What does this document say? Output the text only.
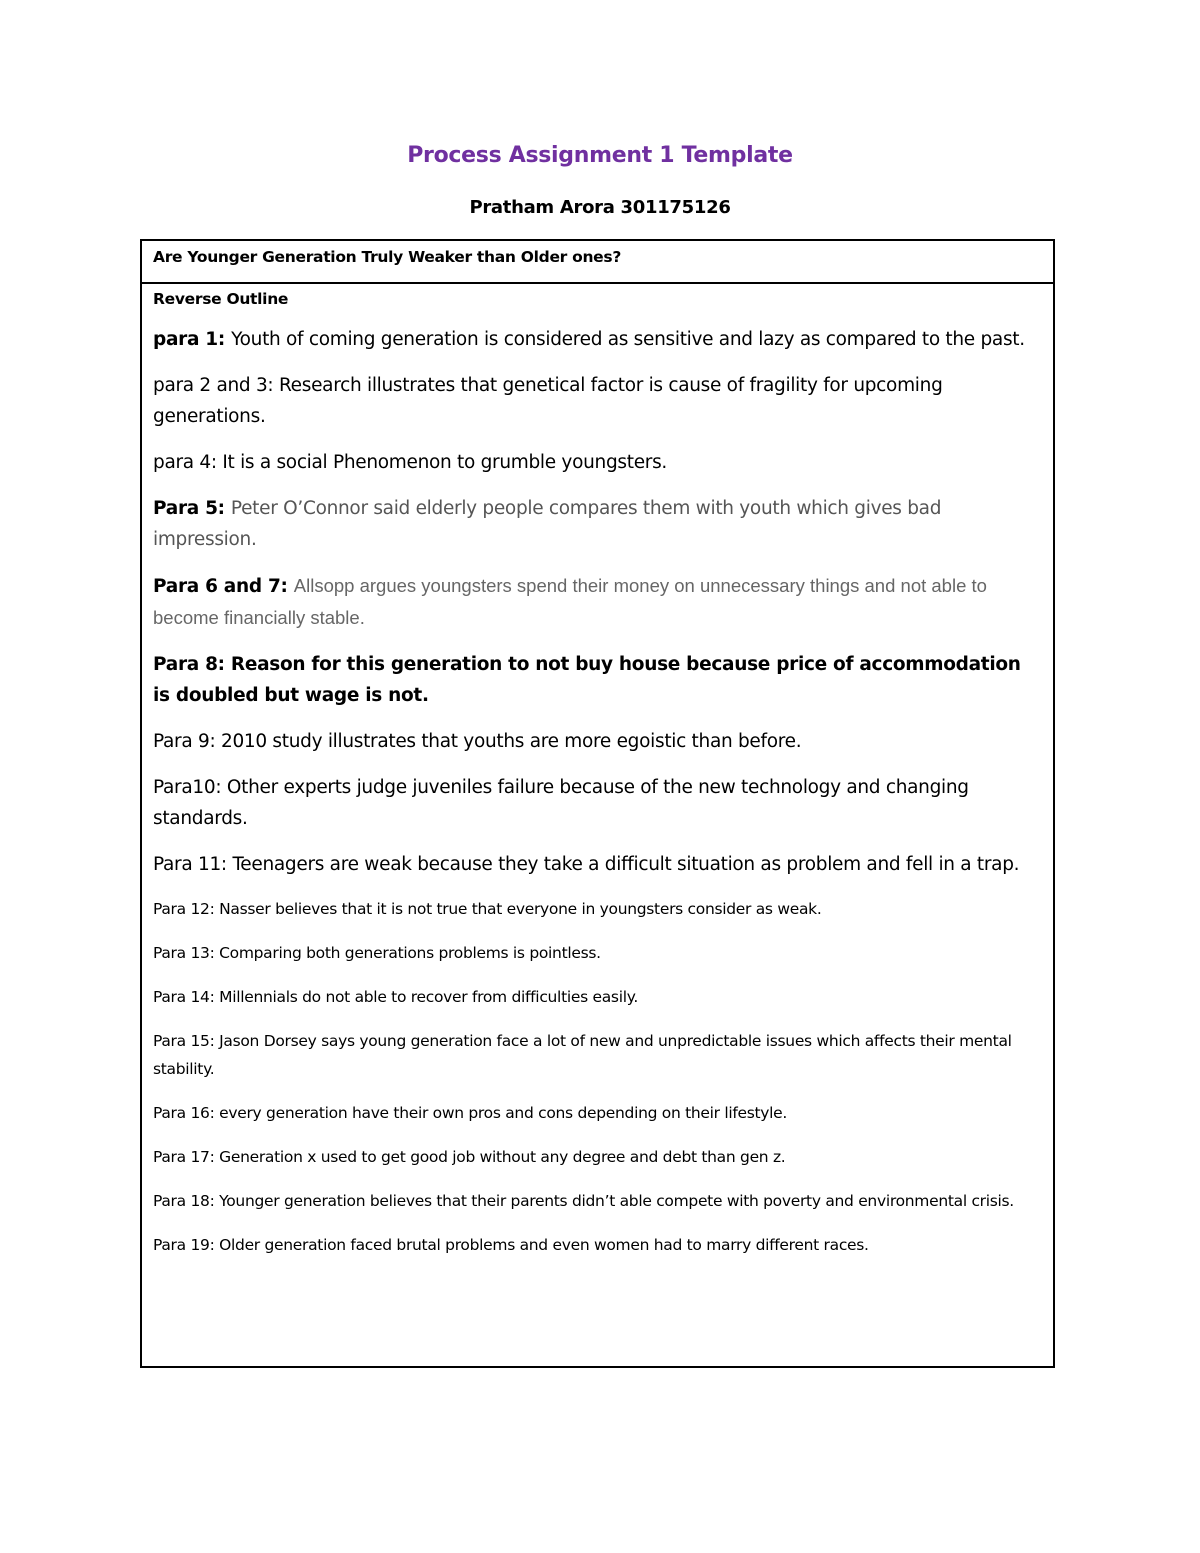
Process Assignment 1 Template
Pratham Arora 301175126
Are Younger Generation Truly Weaker than Older ones?

Reverse Outline

para 1: Youth of coming generation is considered as sensitive and lazy as compared to the past.

para 2 and 3: Research illustrates that genetical factor is cause of fragility for upcoming generations.

para 4: It is a social Phenomenon to grumble youngsters.

Para 5: Peter O’Connor said elderly people compares them with youth which gives bad impression.

Para 6 and 7: Allsopp argues youngsters spend their money on unnecessary things and not able to become financially stable.

Para 8: Reason for this generation to not buy house because price of accommodation is doubled but wage is not.

Para 9: 2010 study illustrates that youths are more egoistic than before.

Para10: Other experts judge juveniles failure because of the new technology and changing standards.

Para 11: Teenagers are weak because they take a difficult situation as problem and fell in a trap.

Para 12: Nasser believes that it is not true that everyone in youngsters consider as weak.

Para 13: Comparing both generations problems is pointless.

Para 14: Millennials do not able to recover from difficulties easily.

Para 15: Jason Dorsey says young generation face a lot of new and unpredictable issues which affects their mental stability.

Para 16: every generation have their own pros and cons depending on their lifestyle.

Para 17: Generation x used to get good job without any degree and debt than gen z.

Para 18: Younger generation believes that their parents didn’t able compete with poverty and environmental crisis.

Para 19: Older generation faced brutal problems and even women had to marry different races.
